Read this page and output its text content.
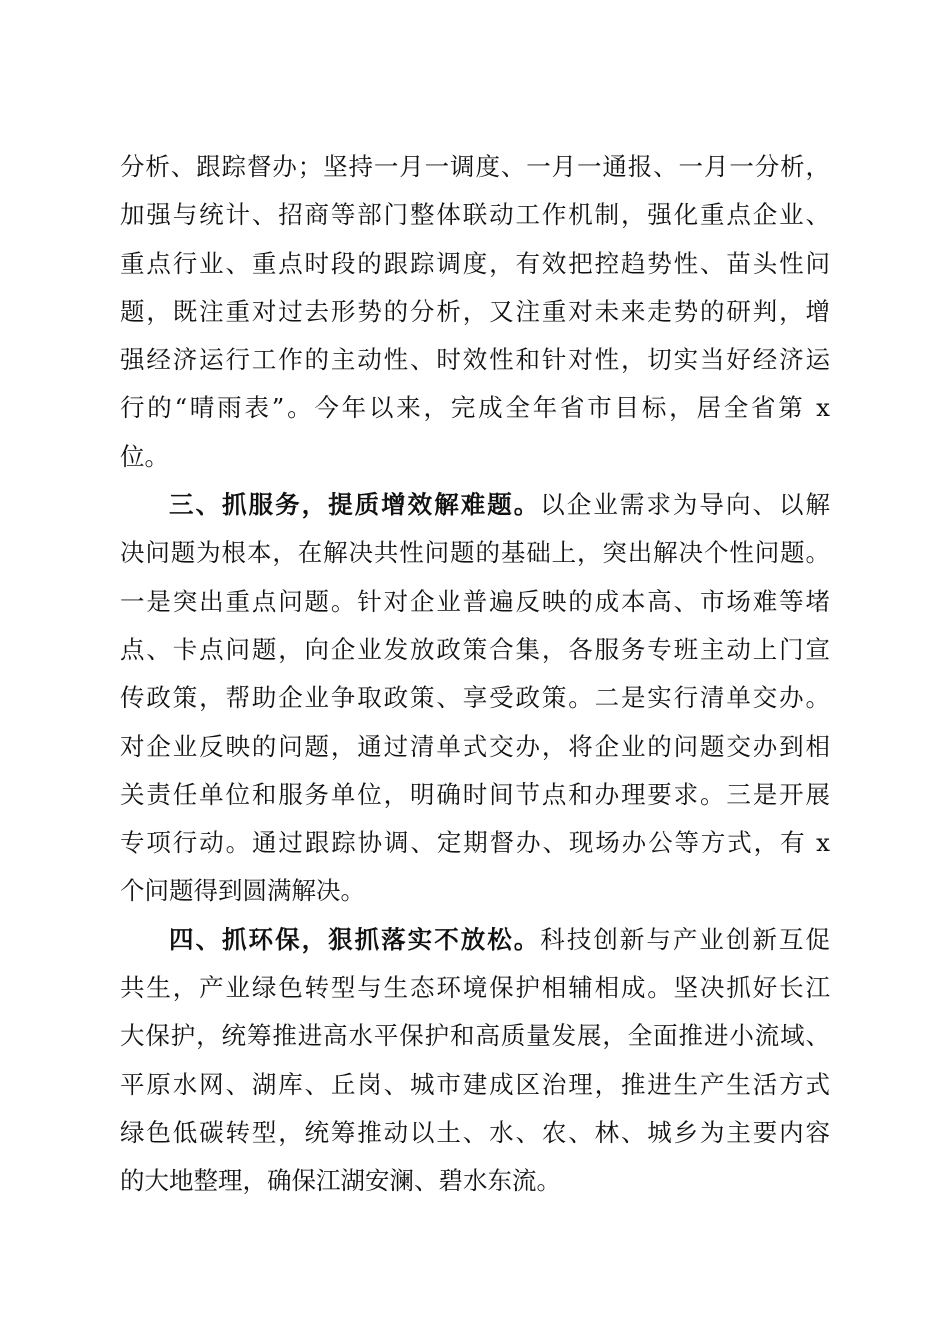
分析、跟踪督办；坚持一月一调度、一月一通报、一月一分析，
加强与统计、招商等部门整体联动工作机制，强化重点企业、
重点行业、重点时段的跟踪调度，有效把控趋势性、苗头性问
题，既注重对过去形势的分析，又注重对未来走势的研判，增
强经济运行工作的主动性、时效性和针对性，切实当好经济运
行的“晴雨表”。今年以来，完成全年省市目标，居全省第 x
位。
三、抓服务，提质增效解难题。以企业需求为导向、以解
决问题为根本，在解决共性问题的基础上，突出解决个性问题。
一是突出重点问题。针对企业普遍反映的成本高、市场难等堵
点、卡点问题，向企业发放政策合集，各服务专班主动上门宣
传政策，帮助企业争取政策、享受政策。二是实行清单交办。
对企业反映的问题，通过清单式交办，将企业的问题交办到相
关责任单位和服务单位，明确时间节点和办理要求。三是开展
专项行动。通过跟踪协调、定期督办、现场办公等方式，有 x
个问题得到圆满解决。
四、抓环保，狠抓落实不放松。科技创新与产业创新互促
共生，产业绿色转型与生态环境保护相辅相成。坚决抓好长江
大保护，统筹推进高水平保护和高质量发展，全面推进小流域、
平原水网、湖库、丘岗、城市建成区治理，推进生产生活方式
绿色低碳转型，统筹推动以土、水、农、林、城乡为主要内容
的大地整理，确保江湖安澜、碧水东流。
